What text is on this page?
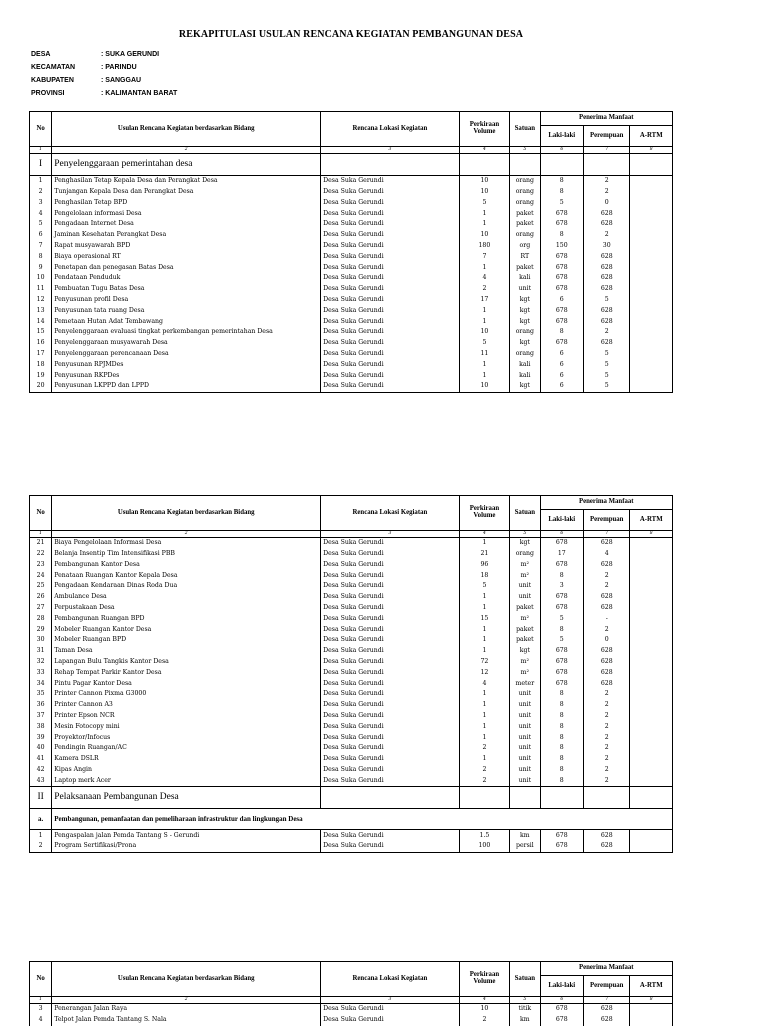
REKAPITULASI USULAN RENCANA KEGIATAN PEMBANGUNAN DESA
DESA	: SUKA GERUNDI
KECAMATAN	: PARINDU
KABUPATEN	: SANGGAU
PROVINSI	: KALIMANTAN BARAT
No	Usulan Rencana Kegiatan berdasarkan Bidang	Rencana Lokasi Kegiatan	Perkiraan Volume	Satuan	Penerima Manfaat		
					Laki-laki	Perempuan	A-RTM
1	2	3	4	5	6	7	8
I	Penyelenggaraan pemerintahan desa						
1	Penghasilan Tetap Kepala Desa dan Perangkat Desa	Desa Suka Gerundi	10	orang	8	2	
2	Tunjangan Kepala Desa dan Perangkat Desa	Desa Suka Gerundi	10	orang	8	2	
3	Penghasilan Tetap BPD	Desa Suka Gerundi	5	orang	5	0	
4	Pengelolaan informasi Desa	Desa Suka Gerundi	1	paket	678	628	
5	Pengadaan Internet Desa	Desa Suka Gerundi	1	paket	678	628	
6	Jaminan Kesehatan Perangkat Desa	Desa Suka Gerundi	10	orang	8	2	
7	Rapat musyawarah BPD	Desa Suka Gerundi	180	org	150	30	
8	Biaya operasional RT	Desa Suka Gerundi	7	RT	678	628	
9	Penetapan dan penegasan Batas Desa	Desa Suka Gerundi	1	paket	678	628	
10	Pendataan Penduduk	Desa Suka Gerundi	4	kali	678	628	
11	Pembuatan Tugu Batas Desa	Desa Suka Gerundi	2	unit	678	628	
12	Penyusunan profil Desa	Desa Suka Gerundi	17	kgt	6	5	
13	Penyusunan tata ruang Desa	Desa Suka Gerundi	1	kgt	678	628	
14	Pemetaan Hutan Adat Tembawang	Desa Suka Gerundi	1	kgt	678	628	
15	Penyelenggaraan evaluasi tingkat perkembangan pemerintahan Desa	Desa Suka Gerundi	10	orang	8	2	
16	Penyelenggaraan musyawarah Desa	Desa Suka Gerundi	5	kgt	678	628	
17	Penyelenggaraan perencanaan Desa	Desa Suka Gerundi	11	orang	6	5	
18	Penyusunan RPJMDes	Desa Suka Gerundi	1	kali	6	5	
19	Penyusunan RKPDes	Desa Suka Gerundi	1	kali	6	5	
20	Penyusunan LKPPD dan LPPD	Desa Suka Gerundi	10	kgt	6	5	
No	Usulan Rencana Kegiatan berdasarkan Bidang	Rencana Lokasi Kegiatan	Perkiraan Volume	Satuan	Penerima Manfaat		
					Laki-laki	Perempuan	A-RTM
1	2	3	4	5	6	7	8
21	Biaya Pengelolaan Informasi Desa	Desa Suka Gerundi	1	kgt	678	628	
22	Belanja Insentip Tim Intensifikasi PBB	Desa Suka Gerundi	21	orang	17	4	
23	Pembangunan Kantor Desa	Desa Suka Gerundi	96	m²	678	628	
24	Penataan Ruangan Kantor Kepala Desa	Desa Suka Gerundi	18	m²	8	2	
25	Pengadaan Kendaraan Dinas Roda Dua	Desa Suka Gerundi	5	unit	3	2	
26	Ambulance Desa	Desa Suka Gerundi	1	unit	678	628	
27	Perpustakaan Desa	Desa Suka Gerundi	1	paket	678	628	
28	Pembangunan Ruangan BPD	Desa Suka Gerundi	15	m²	5	-	
29	Mobeler Ruangan Kantor Desa	Desa Suka Gerundi	1	paket	8	2	
30	Mobeler Ruangan BPD	Desa Suka Gerundi	1	paket	5	0	
31	Taman Desa	Desa Suka Gerundi	1	kgt	678	628	
32	Lapangan Bulu Tangkis Kantor Desa	Desa Suka Gerundi	72	m²	678	628	
33	Rehap Tempat Parkir Kantor Desa	Desa Suka Gerundi	12	m²	678	628	
34	Pintu Pagar Kantor Desa	Desa Suka Gerundi	4	meter	678	628	
35	Printer Cannon Pixma G3000	Desa Suka Gerundi	1	unit	8	2	
36	Printer Cannon A3	Desa Suka Gerundi	1	unit	8	2	
37	Printer Epson NCR	Desa Suka Gerundi	1	unit	8	2	
38	Mesin Fotocopy mini	Desa Suka Gerundi	1	unit	8	2	
39	Proyektor/Infocus	Desa Suka Gerundi	1	unit	8	2	
40	Pendingin Ruangan/AC	Desa Suka Gerundi	2	unit	8	2	
41	Kamera DSLR	Desa Suka Gerundi	1	unit	8	2	
42	Kipas Angin	Desa Suka Gerundi	2	unit	8	2	
43	Laptop merk Acer	Desa Suka Gerundi	2	unit	8	2	
II	Pelaksanaan Pembangunan Desa						
a.	Pembangunan, pemanfaatan dan pemeliharaan infrastruktur dan lingkungan Desa						
1	Pengaspalan jalan Pemda Tantang S - Gerundi	Desa Suka Gerundi	1.5	km	678	628	
2	Program Sertifikasi/Prona	Desa Suka Gerundi	100	persil	678	628	
No	Usulan Rencana Kegiatan berdasarkan Bidang	Rencana Lokasi Kegiatan	Perkiraan Volume	Satuan	Penerima Manfaat		
					Laki-laki	Perempuan	A-RTM
1	2	3	4	5	6	7	8
3	Penerangan Jalan Raya	Desa Suka Gerundi	10	titik	678	628	
4	Telpot Jalan Pemda Tantang S. Nala	Desa Suka Gerundi	2	km	678	628	
